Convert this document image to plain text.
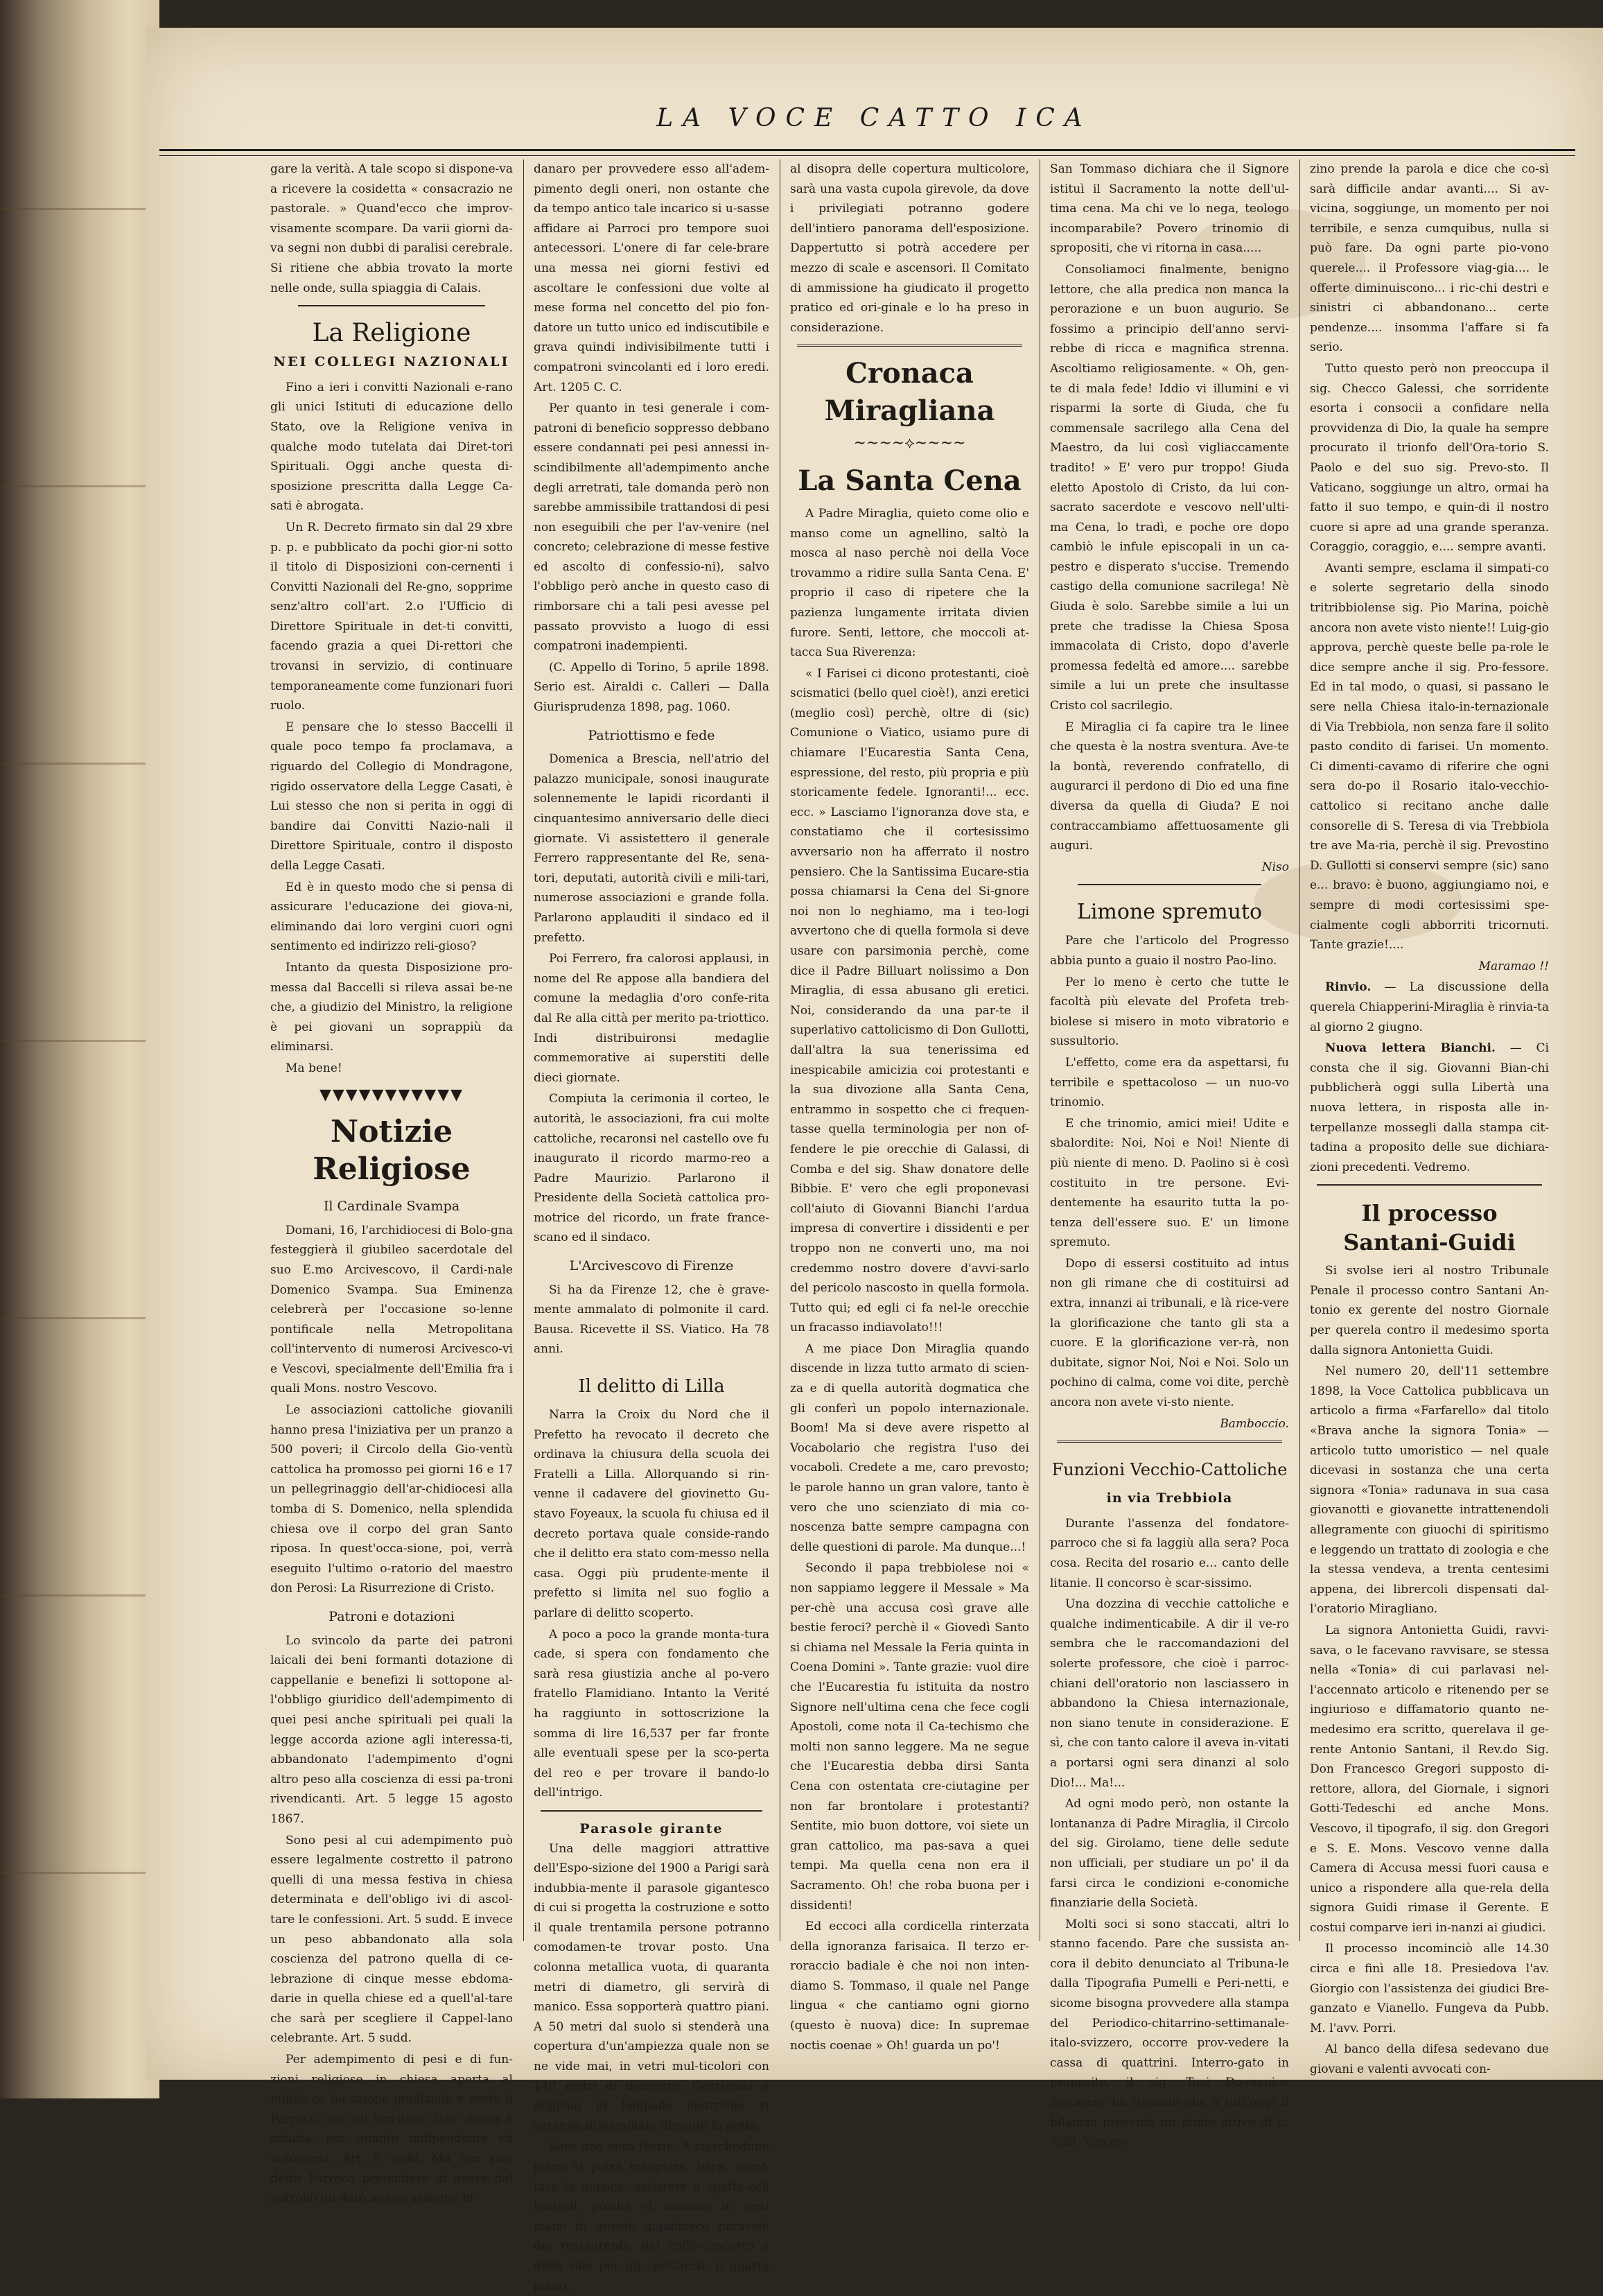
LA VOCE CATTO ICA

gare la verità. A tale scopo si dispone-va a ricevere la cosidetta « consacrazio ne pastorale. » Quand'ecco che improv-visamente scompare. Da varii giorni da-va segni non dubbi di paralisi cerebrale. Si ritiene che abbia trovato la morte nelle onde, sulla spiaggia di Calais.

La Religione
NEI COLLEGI NAZIONALI

Fino a ieri i convitti Nazionali e-rano gli unici Istituti di educazione dello Stato, ove la Religione veniva in qualche modo tutelata dai Diret-tori Spirituali. Oggi anche questa di-sposizione prescritta dalla Legge Ca-sati è abrogata.

Un R. Decreto firmato sin dal 29 xbre p. p. e pubblicato da pochi gior-ni sotto il titolo di Disposizioni con-cernenti i Convitti Nazionali del Re-gno, sopprime senz'altro coll'art. 2.o l'Ufficio di Direttore Spirituale in det-ti convitti, facendo grazia a quei Di-rettori che trovansi in servizio, di continuare temporaneamente come funzionari fuori ruolo.

E pensare che lo stesso Baccelli il quale poco tempo fa proclamava, a riguardo del Collegio di Mondragone, rigido osservatore della Legge Casati, è Lui stesso che non si perita in oggi di bandire dai Convitti Nazio-nali il Direttore Spirituale, contro il disposto della Legge Casati.

Ed è in questo modo che si pensa di assicurare l'educazione dei giova-ni, eliminando dai loro vergini cuori ogni sentimento ed indirizzo reli-gioso?

Intanto da questa Disposizione pro-messa dal Baccelli si rileva assai be-ne che, a giudizio del Ministro, la religione è pei giovani un soprappiù da eliminarsi.

Ma bene!

▼▼▼▼▼▼▼▼▼▼▼
Notizie Religiose
Il Cardinale Svampa

Domani, 16, l'archidiocesi di Bolo-gna festeggierà il giubileo sacerdotale del suo E.mo Arcivescovo, il Cardi-nale Domenico Svampa. Sua Eminenza celebrerà per l'occasione so-lenne pontificale nella Metropolitana coll'intervento di numerosi Arcivesco-vi e Vescovi, specialmente dell'Emilia fra i quali Mons. nostro Vescovo.

Le associazioni cattoliche giovanili hanno presa l'iniziativa per un pranzo a 500 poveri; il Circolo della Gio-ventù cattolica ha promosso pei giorni 16 e 17 un pellegrinaggio dell'ar-chidiocesi alla tomba di S. Domenico, nella splendida chiesa ove il corpo del gran Santo riposa. In quest'occa-sione, poi, verrà eseguito l'ultimo o-ratorio del maestro don Perosi: La Risurrezione di Cristo.

Patroni e dotazioni

Lo svincolo da parte dei patroni laicali dei beni formanti dotazione di cappellanie e benefizi li sottopone al-l'obbligo giuridico dell'adempimento di quei pesi anche spirituali pei quali la legge accorda azione agli interessa-ti, abbandonato l'adempimento d'ogni altro peso alla coscienza di essi pa-troni rivendicanti. Art. 5 legge 15 agosto 1867.

Sono pesi al cui adempimento può essere legalmente costretto il patrono quelli di una messa festiva in chiesa determinata e dell'obligo ivi di ascol-tare le confessioni. Art. 5 sudd. E invece un peso abbandonato alla sola coscienza del patrono quella di ce-lebrazione di cinque messe ebdoma-darie in quella chiese ed a quell'al-tare che sarà per scegliere il Cappel-lano celebrante. Art. 5 sudd.

Per adempimento di pesi e di fun-zioni religiose in chiesa aperta al pubbli-co ha azione giudiziale e veste il Parroco, nel cui territorio tale chiesa è situata, per quanto indipendente ed autonoma. Art. 5 sudd. Ma non può detto Parroco pretendere di avere dal patrono un dato annuo assegno in

danaro per provvedere esso all'adem-pimento degli oneri, non ostante che da tempo antico tale incarico si u-sasse affidare ai Parroci pro tempore suoi antecessori. L'onere di far cele-brare una messa nei giorni festivi ed ascoltare le confessioni due volte al mese forma nel concetto del pio fon-datore un tutto unico ed indiscutibile e grava quindi indivisibilmente tutti i compatroni svincolanti ed i loro eredi. Art. 1205 C. C.

Per quanto in tesi generale i com-patroni di beneficio soppresso debbano essere condannati pei pesi annessi in-scindibilmente all'adempimento anche degli arretrati, tale domanda però non sarebbe ammissibile trattandosi di pesi non eseguibili che per l'av-venire (nel concreto; celebrazione di messe festive ed ascolto di confessio-ni), salvo l'obbligo però anche in questo caso di rimborsare chi a tali pesi avesse pel passato provvisto a luogo di essi compatroni inadempienti.

(C. Appello di Torino, 5 aprile 1898. Serio est. Airaldi c. Calleri — Dalla Giurisprudenza 1898, pag. 1060.

Patriottismo e fede

Domenica a Brescia, nell'atrio del palazzo municipale, sonosi inaugurate solennemente le lapidi ricordanti il cinquantesimo anniversario delle dieci giornate. Vi assistettero il generale Ferrero rappresentante del Re, sena-tori, deputati, autorità civili e mili-tari, numerose associazioni e grande folla. Parlarono applauditi il sindaco ed il prefetto.

Poi Ferrero, fra calorosi applausi, in nome del Re appose alla bandiera del comune la medaglia d'oro confe-rita dal Re alla città per merito pa-triottico. Indi distribuironsi medaglie commemorative ai superstiti delle dieci giornate.

Compiuta la cerimonia il corteo, le autorità, le associazioni, fra cui molte cattoliche, recaronsi nel castello ove fu inaugurato il ricordo marmo-reo a Padre Maurizio. Parlarono il Presidente della Società cattolica pro-motrice del ricordo, un frate france-scano ed il sindaco.

L'Arcivescovo di Firenze

Si ha da Firenze 12, che è grave-mente ammalato di polmonite il card. Bausa. Ricevette il SS. Viatico. Ha 78 anni.

Il delitto di Lilla

Narra la Croix du Nord che il Prefetto ha revocato il decreto che ordinava la chiusura della scuola dei Fratelli a Lilla. Allorquando si rin-venne il cadavere del giovinetto Gu-stavo Foyeaux, la scuola fu chiusa ed il decreto portava quale conside-rando che il delitto era stato com-messo nella casa. Oggi più prudente-mente il prefetto si limita nel suo foglio a parlare di delitto scoperto.

A poco a poco la grande monta-tura cade, si spera con fondamento che sarà resa giustizia anche al po-vero fratello Flamidiano. Intanto la Verité ha raggiunto in sottoscrizione la somma di lire 16,537 per far fronte alle eventuali spese per la sco-perta del reo e per trovare il bando-lo dell'intrigo.

Parasole girante

Una delle maggiori attrattive dell'Espo-sizione del 1900 a Parigi sarà indubbia-mente il parasole gigantesco di cui si progetta la costruzione e sotto il quale trentamila persone potranno comodamen-te trovar posto. Una colonna metallica vuota, di quaranta metri di diametro, gli servirà di manico. Essa sopporterà quattro piani. A 50 metri dal suolo si stenderà una copertura d'un'ampiezza quale non se ne vide mai, in vetri mul-ticolori con 140 metri di diametro. Centi-naia e migliaia di lampade elettriche vi saranno disseminate durante la notte.

Sarà una vera féerie. A ciascheduno piano si potrà mangiare, bere, ascol-tare la musica, assistere a spetta-coli teatrali, poiché vi saranno in ogni piano di questo gigantesco parasole dei restaurants, dei caffè-concerto e delle sale per gli spettacoli. Il quarto piano,

al disopra delle copertura multicolore, sarà una vasta cupola girevole, da dove i privilegiati potranno godere dell'intiero panorama dell'esposizione. Dappertutto si potrà accedere per mezzo di scale e ascensori. Il Comitato di ammissione ha giudicato il progetto pratico ed ori-ginale e lo ha preso in considerazione.

Cronaca Miragliana
~~~~⟡~~~~
La Santa Cena

A Padre Miraglia, quieto come olio e manso come un agnellino, saltò la mosca al naso perchè noi della Voce trovammo a ridire sulla Santa Cena. E' proprio il caso di ripetere che la pazienza lungamente irritata divien furore. Senti, lettore, che moccoli at-tacca Sua Riverenza:

« I Farisei ci dicono protestanti, cioè scismatici (bello quel cioè!), anzi eretici (meglio così) perchè, oltre di (sic) Comunione o Viatico, usiamo pure di chiamare l'Eucarestia Santa Cena, espressione, del resto, più propria e più storicamente fedele. Ignoranti!... ecc. ecc. » Lasciamo l'ignoranza dove sta, e constatiamo che il cortesissimo avversario non ha afferrato il nostro pensiero. Che la Santissima Eucare-stia possa chiamarsi la Cena del Si-gnore noi non lo neghiamo, ma i teo-logi avvertono che di quella formola si deve usare con parsimonia perchè, come dice il Padre Billuart nolissimo a Don Miraglia, di essa abusano gli eretici. Noi, considerando da una par-te il superlativo cattolicismo di Don Gullotti, dall'altra la sua tenerissima ed inespicabile amicizia coi protestanti e la sua divozione alla Santa Cena, entrammo in sospetto che ci frequen-tasse quella terminologia per non of-fendere le pie orecchie di Galassi, di Comba e del sig. Shaw donatore delle Bibbie. E' vero che egli proponevasi coll'aiuto di Giovanni Bianchi l'ardua impresa di convertire i dissidenti e per troppo non ne converti uno, ma noi credemmo nostro dovere d'avvi-sarlo del pericolo nascosto in quella formola. Tutto qui; ed egli ci fa nel-le orecchie un fracasso indiavolato!!!

A me piace Don Miraglia quando discende in lizza tutto armato di scien-za e di quella autorità dogmatica che gli conferì un popolo internazionale. Boom! Ma si deve avere rispetto al Vocabolario che registra l'uso dei vocaboli. Credete a me, caro prevosto; le parole hanno un gran valore, tanto è vero che uno scienziato di mia co-noscenza batte sempre campagna con delle questioni di parole. Ma dunque...!

Secondo il papa trebbiolese noi « non sappiamo leggere il Messale » Ma per-chè una accusa così grave alle bestie feroci? perchè il « Giovedì Santo si chiama nel Messale la Feria quinta in Coena Domini ». Tante grazie: vuol dire che l'Eucarestia fu istituita da nostro Signore nell'ultima cena che fece cogli Apostoli, come nota il Ca-techismo che molti non sanno leggere. Ma ne segue che l'Eucarestia debba dirsi Santa Cena con ostentata cre-ciutagine per non far brontolare i protestanti? Sentite, mio buon dottore, voi siete un gran cattolico, ma pas-sava a quei tempi. Ma quella cena non era il Sacramento. Oh! che roba buona per i dissidenti!

Ed eccoci alla cordicella rinterzata della ignoranza farisaica. Il terzo er-roraccio badiale è che noi non inten-diamo S. Tommaso, il quale nel Pange lingua « che cantiamo ogni giorno (questo è nuova) dice: In supremae noctis coenae » Oh! guarda un po'!

San Tommaso dichiara che il Signore istituì il Sacramento la notte dell'ul-tima cena. Ma chi ve lo nega, teologo incomparabile? Povero trinomio di spropositi, che vi ritorna in casa.....

Consoliamoci finalmente, benigno lettore, che alla predica non manca la perorazione e un buon augurio. Se fossimo a principio dell'anno servi-rebbe di ricca e magnifica strenna. Ascoltiamo religiosamente. « Oh, gen-te di mala fede! Iddio vi illumini e vi risparmi la sorte di Giuda, che fu commensale sacrilego alla Cena del Maestro, da lui così vigliaccamente tradito! » E' vero pur troppo! Giuda eletto Apostolo di Cristo, da lui con-sacrato sacerdote e vescovo nell'ulti-ma Cena, lo tradì, e poche ore dopo cambiò le infule episcopali in un ca-pestro e disperato s'uccise. Tremendo castigo della comunione sacrilega! Nè Giuda è solo. Sarebbe simile a lui un prete che tradisse la Chiesa Sposa immacolata di Cristo, dopo d'averle promessa fedeltà ed amore.... sarebbe simile a lui un prete che insultasse Cristo col sacrilegio.

E Miraglia ci fa capire tra le linee che questa è la nostra sventura. Ave-te la bontà, reverendo confratello, di augurarci il perdono di Dio ed una fine diversa da quella di Giuda? E noi contraccambiamo affettuosamente gli auguri.

Niso

Limone spremuto

Pare che l'articolo del Progresso abbia punto a guaio il nostro Pao-lino.

Per lo meno è certo che tutte le facoltà più elevate del Profeta treb-biolese si misero in moto vibratorio e sussultorio.

L'effetto, come era da aspettarsi, fu terribile e spettacoloso — un nuo-vo trinomio.

E che trinomio, amici miei! Udite e sbalordite: Noi, Noi e Noi! Niente di più niente di meno. D. Paolino si è così costituito in tre persone. Evi-dentemente ha esaurito tutta la po-tenza dell'essere suo. E' un limone spremuto.

Dopo di essersi costituito ad intus non gli rimane che di costituirsi ad extra, innanzi ai tribunali, e là rice-vere la glorificazione che tanto gli sta a cuore. E la glorificazione ver-rà, non dubitate, signor Noi, Noi e Noi. Solo un pochino di calma, come voi dite, perchè ancora non avete vi-sto niente.

Bamboccio.

Funzioni Vecchio-Cattoliche
in via Trebbiola

Durante l'assenza del fondatore-parroco che si fa laggiù alla sera? Poca cosa. Recita del rosario e... canto delle litanie. Il concorso è scar-sissimo.

Una dozzina di vecchie cattoliche e qualche indimenticabile. A dir il ve-ro sembra che le raccomandazioni del solerte professore, che cioè i parroc-chiani dell'oratorio non lasciassero in abbandono la Chiesa internazionale, non siano tenute in considerazione. E sì, che con tanto calore il aveva in-vitati a portarsi ogni sera dinanzi al solo Dio!... Ma!...

Ad ogni modo però, non ostante la lontananza di Padre Miraglia, il Circolo del sig. Girolamo, tiene delle sedute non ufficiali, per studiare un po' il da farsi circa le condizioni e-conomiche finanziarie della Società.

Molti soci si sono staccati, altri lo stanno facendo. Pare che sussista an-cora il debito denunciato al Tribuna-le dalla Tipografia Pumelli e Peri-netti, e sicome bisogna provvedere alla stampa del Periodico-chitarrino-settimanale-italo-svizzero, occorre prov-vedere la cassa di quattrini. Interro-gato in proposito, il sig. Tosi Do-menico Tesoriere ha risposto che a tutt'oggi il bilancio presenta un fondo attivo di L. 7,29. Vincen-

zino prende la parola e dice che co-sì sarà difficile andar avanti.... Si av-vicina, soggiunge, un momento per noi terribile, e senza cumquibus, nulla si può fare. Da ogni parte pio-vono querele.... il Professore viag-gia.... le offerte diminuiscono... i ric-chi destri e sinistri ci abbandonano... certe pendenze.... insomma l'affare si fa serio.

Tutto questo però non preoccupa il sig. Checco Galessi, che sorridente esorta i consocii a confidare nella provvidenza di Dio, la quale ha sempre procurato il trionfo dell'Ora-torio S. Paolo e del suo sig. Prevo-sto. Il Vaticano, soggiunge un altro, ormai ha fatto il suo tempo, e quin-di il nostro cuore si apre ad una grande speranza. Coraggio, coraggio, e.... sempre avanti.

Avanti sempre, esclama il simpati-co e solerte segretario della sinodo tritribbiolense sig. Pio Marina, poichè ancora non avete visto niente!! Luig-gio approva, perchè queste belle pa-role le dice sempre anche il sig. Pro-fessore. Ed in tal modo, o quasi, si passano le sere nella Chiesa italo-in-ternazionale di Via Trebbiola, non senza fare il solito pasto condito di farisei. Un momento. Ci dimenti-cavamo di riferire che ogni sera do-po il Rosario italo-vecchio-cattolico si recitano anche dalle consorelle di S. Teresa di via Trebbiola tre ave Ma-ria, perchè il sig. Prevostino D. Gullotti si conservi sempre (sic) sano e... bravo: è buono, aggiungiamo noi, e sempre di modi cortesissimi spe-cialmente cogli abborriti tricornuti. Tante grazie!....

Maramao !!

Rinvio. — La discussione della querela Chiapperini-Miraglia è rinvia-ta al giorno 2 giugno.

Nuova lettera Bianchi. — Ci consta che il sig. Giovanni Bian-chi pubblicherà oggi sulla Libertà una nuova lettera, in risposta alle in-terpellanze mossegli dalla stampa cit-tadina a proposito delle sue dichiara-zioni precedenti. Vedremo.

Il processo Santani-Guidi

Si svolse ieri al nostro Tribunale Penale il processo contro Santani An-tonio ex gerente del nostro Giornale per querela contro il medesimo sporta dalla signora Antonietta Guidi.

Nel numero 20, dell'11 settembre 1898, la Voce Cattolica pubblicava un articolo a firma «Farfarello» dal titolo «Brava anche la signora Tonia» — articolo tutto umoristico — nel quale dicevasi in sostanza che una certa signora «Tonia» radunava in sua casa giovanotti e giovanette intrattenendoli allegramente con giuochi di spiritismo e leggendo un trattato di zoologia e che la stessa vendeva, a trenta centesimi appena, dei librercoli dispensati dal-l'oratorio Miragliano.

La signora Antonietta Guidi, ravvi-sava, o le facevano ravvisare, se stessa nella «Tonia» di cui parlavasi nel-l'accennato articolo e ritenendo per se ingiurioso e diffamatorio quanto ne-medesimo era scritto, querelava il ge-rente Antonio Santani, il Rev.do Sig. Don Francesco Gregori supposto di-rettore, allora, del Giornale, i signori Gotti-Tedeschi ed anche Mons. Vescovo, il tipografo, il sig. don Gregori e S. E. Mons. Vescovo venne dalla Camera di Accusa messi fuori causa e unico a rispondere alla que-rela della signora Guidi rimase il Gerente. E costui comparve ieri in-nanzi ai giudici.

Il processo incominciò alle 14.30 circa e finì alle 18. Presiedova l'av. Giorgio con l'assistenza dei giudici Bre-ganzato e Vianello. Fungeva da Pubb. M. l'avv. Porri.

Al banco della difesa sedevano due giovani e valenti avvocati con-
